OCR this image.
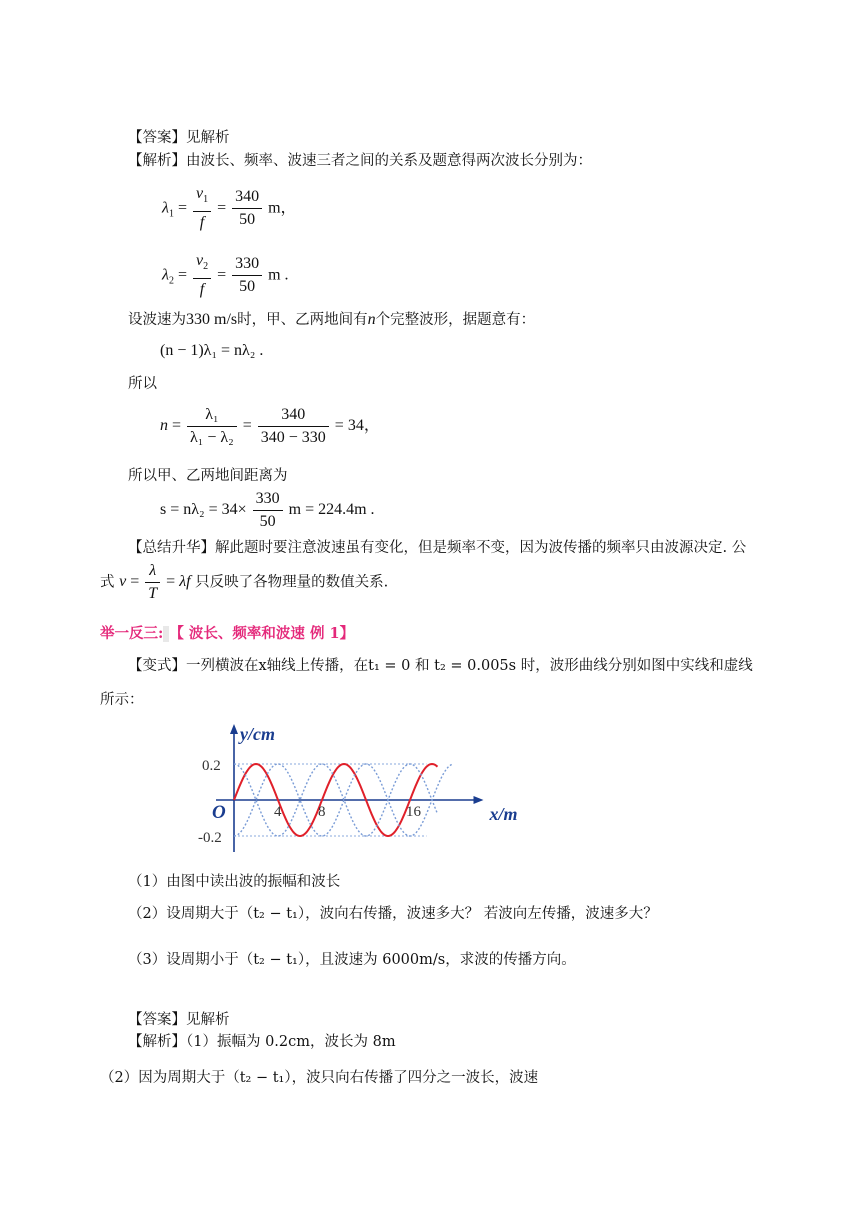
【答案】见解析
【解析】由波长、频率、波速三者之间的关系及题意得两次波长分别为：
$\lambda_1 = \frac{v_1}{f} = \frac{340}{50}$ m，
$\lambda_2 = \frac{v_2}{f} = \frac{330}{50}$ m .
设波速为330 m/s时，甲、乙两地间有n个完整波形，据题意有：
(n − 1)λ₁ = nλ₂ .
所以
$n = \frac{\text{λ₁}}{\text{λ₁ − λ₂}} = \frac{340}{340 - 330} = 34$，
所以甲、乙两地间距离为
$s = n\lambda_2 = 34\times \frac{330}{50}$ m = 224.4m .
【总结升华】解此题时要注意波速虽有变化，但是频率不变，因为波传播的频率只由波源决定. 公
式 $v = \frac{\lambda}{T} = \lambda f$ 只反映了各物理量的数值关系.
举一反三: 【 波长、频率和波速 例 1】
【变式】一列横波在x轴线上传播，在t₁ = 0 和 t₂ = 0.005s 时，波形曲线分别如图中实线和虚线
所示：
y/cm
x/m
O
0.2
-0.2
4 8	16
（1）由图中读出波的振幅和波长
（2）设周期大于（t₂ − t₁），波向右传播，波速多大？ 若波向左传播，波速多大？
（3）设周期小于（t₂ − t₁），且波速为 6000m/s，求波的传播方向。
【答案】见解析
【解析】（1）振幅为 0.2cm，波长为 8m
（2）因为周期大于（t₂ − t₁），波只向右传播了四分之一波长，波速
